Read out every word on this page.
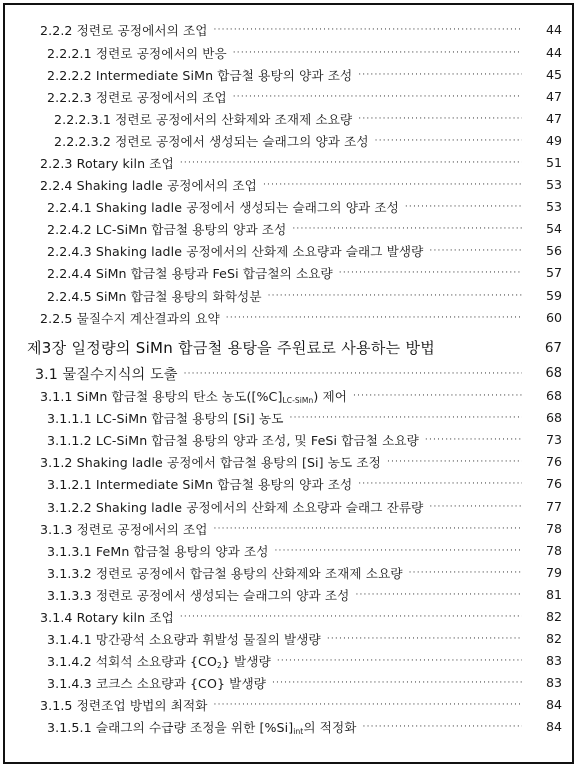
2.2.2 정련로 공정에서의 조업 ·····	44
2.2.2.1 정련로 공정에서의 반응 ·····	44
2.2.2.2 Intermediate SiMn 합금철 용탕의 양과 조성 ·····	45
2.2.2.3 정련로 공정에서의 조업 ·····	47
2.2.2.3.1 정련로 공정에서의 산화제와 조재제 소요량 ·····	47
2.2.2.3.2 정련로 공정에서 생성되는 슬래그의 양과 조성 ·····	49
2.2.3 Rotary kiln 조업 ·····	51
2.2.4 Shaking ladle 공정에서의 조업 ·····	53
2.2.4.1 Shaking ladle 공정에서 생성되는 슬래그의 양과 조성 ·····	53
2.2.4.2 LC-SiMn 합금철 용탕의 양과 조성 ·····	54
2.2.4.3 Shaking ladle 공정에서의 산화제 소요량과 슬래그 발생량 ·····	56
2.2.4.4 SiMn 합금철 용탕과 FeSi 합금철의 소요량 ·····	57
2.2.4.5 SiMn 합금철 용탕의 화학성분 ·····	59
2.2.5 물질수지 계산결과의 요약 ·····	60
제3장 일정량의 SiMn 합금철 용탕을 주원료로 사용하는 방법	67
3.1 물질수지식의 도출 ·····	68
3.1.1 SiMn 합금철 용탕의 탄소 농도$([\%C]_{LC-SiMn})$ 제어 ·····	68
3.1.1.1 LC-SiMn 합금철 용탕의 [Si] 농도 ·····	68
3.1.1.2 LC-SiMn 합금철 용탕의 양과 조성, 및 FeSi 합금철 소요량 ·····	73
3.1.2 Shaking ladle 공정에서 합금철 용탕의 [Si] 농도 조정 ·····	76
3.1.2.1 Intermediate SiMn 합금철 용탕의 양과 조성 ·····	76
3.1.2.2 Shaking ladle 공정에서의 산화제 소요량과 슬래그 잔류량 ·····	77
3.1.3 정련로 공정에서의 조업 ·····	78
3.1.3.1 FeMn 합금철 용탕의 양과 조성 ·····	78
3.1.3.2 정련로 공정에서 합금철 용탕의 산화제와 조재제 소요량 ·····	79
3.1.3.3 정련로 공정에서 생성되는 슬래그의 양과 조성 ·····	81
3.1.4 Rotary kiln 조업 ·····	82
3.1.4.1 망간광석 소요량과 휘발성 물질의 발생량 ·····	82
3.1.4.2 석회석 소요량과 $\{CO_2\}$ 발생량 ·····	83
3.1.4.3 코크스 소요량과 {CO} 발생량 ·····	83
3.1.5 정련조업 방법의 최적화 ·····	84
3.1.5.1 슬래그의 수급량 조정을 위한 $[\%Si]_{int}$의 적정화 ·····	84
